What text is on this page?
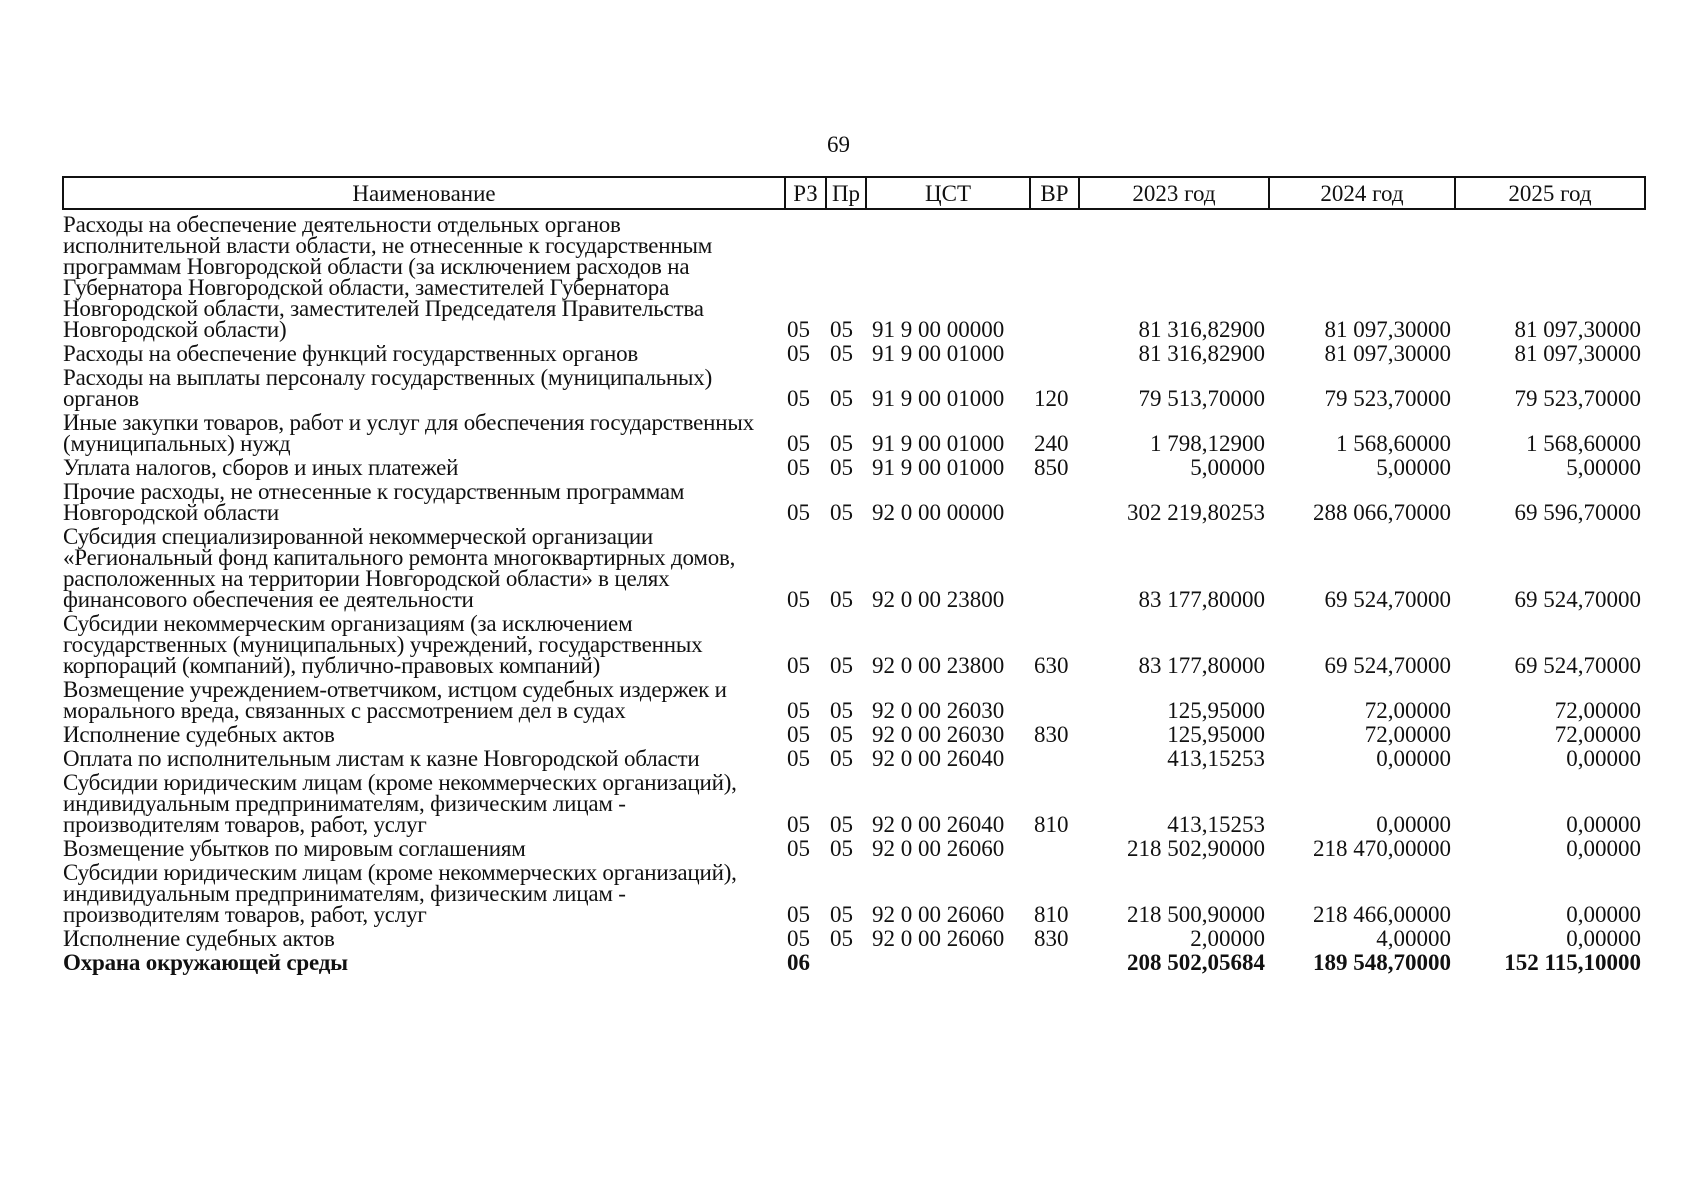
69
Наименование	РЗ	Пр	ЦСТ	ВР	2023 год	2024 год	2025 год
Расходы на обеспечение деятельности отдельных органов исполнительной власти области, не отнесенные к государственным программам Новгородской области (за исключением расходов на Губернатора Новгородской области, заместителей Губернатора Новгородской области, заместителей Председателя Правительства Новгородской области)	05	05	91 9 00 00000		81 316,82900	81 097,30000	81 097,30000
Расходы на обеспечение функций государственных органов	05	05	91 9 00 01000		81 316,82900	81 097,30000	81 097,30000
Расходы на выплаты персоналу государственных (муниципальных) органов	05	05	91 9 00 01000	120	79 513,70000	79 523,70000	79 523,70000
Иные закупки товаров, работ и услуг для обеспечения государственных (муниципальных) нужд	05	05	91 9 00 01000	240	1 798,12900	1 568,60000	1 568,60000
Уплата налогов, сборов и иных платежей	05	05	91 9 00 01000	850	5,00000	5,00000	5,00000
Прочие расходы, не отнесенные к государственным программам Новгородской области	05	05	92 0 00 00000		302 219,80253	288 066,70000	69 596,70000
Субсидия специализированной некоммерческой организации «Региональный фонд капитального ремонта многоквартирных домов, расположенных на территории Новгородской области» в целях финансового обеспечения ее деятельности	05	05	92 0 00 23800		83 177,80000	69 524,70000	69 524,70000
Субсидии некоммерческим организациям (за исключением государственных (муниципальных) учреждений, государственных корпораций (компаний), публично-правовых компаний)	05	05	92 0 00 23800	630	83 177,80000	69 524,70000	69 524,70000
Возмещение учреждением-ответчиком, истцом судебных издержек и морального вреда, связанных с рассмотрением дел в судах	05	05	92 0 00 26030		125,95000	72,00000	72,00000
Исполнение судебных актов	05	05	92 0 00 26030	830	125,95000	72,00000	72,00000
Оплата по исполнительным листам к казне Новгородской области	05	05	92 0 00 26040		413,15253	0,00000	0,00000
Субсидии юридическим лицам (кроме некоммерческих организаций), индивидуальным предпринимателям, физическим лицам - производителям товаров, работ, услуг	05	05	92 0 00 26040	810	413,15253	0,00000	0,00000
Возмещение убытков по мировым соглашениям	05	05	92 0 00 26060		218 502,90000	218 470,00000	0,00000
Субсидии юридическим лицам (кроме некоммерческих организаций), индивидуальным предпринимателям, физическим лицам - производителям товаров, работ, услуг	05	05	92 0 00 26060	810	218 500,90000	218 466,00000	0,00000
Исполнение судебных актов	05	05	92 0 00 26060	830	2,00000	4,00000	0,00000
Охрана окружающей среды	06				208 502,05684	189 548,70000	152 115,10000
